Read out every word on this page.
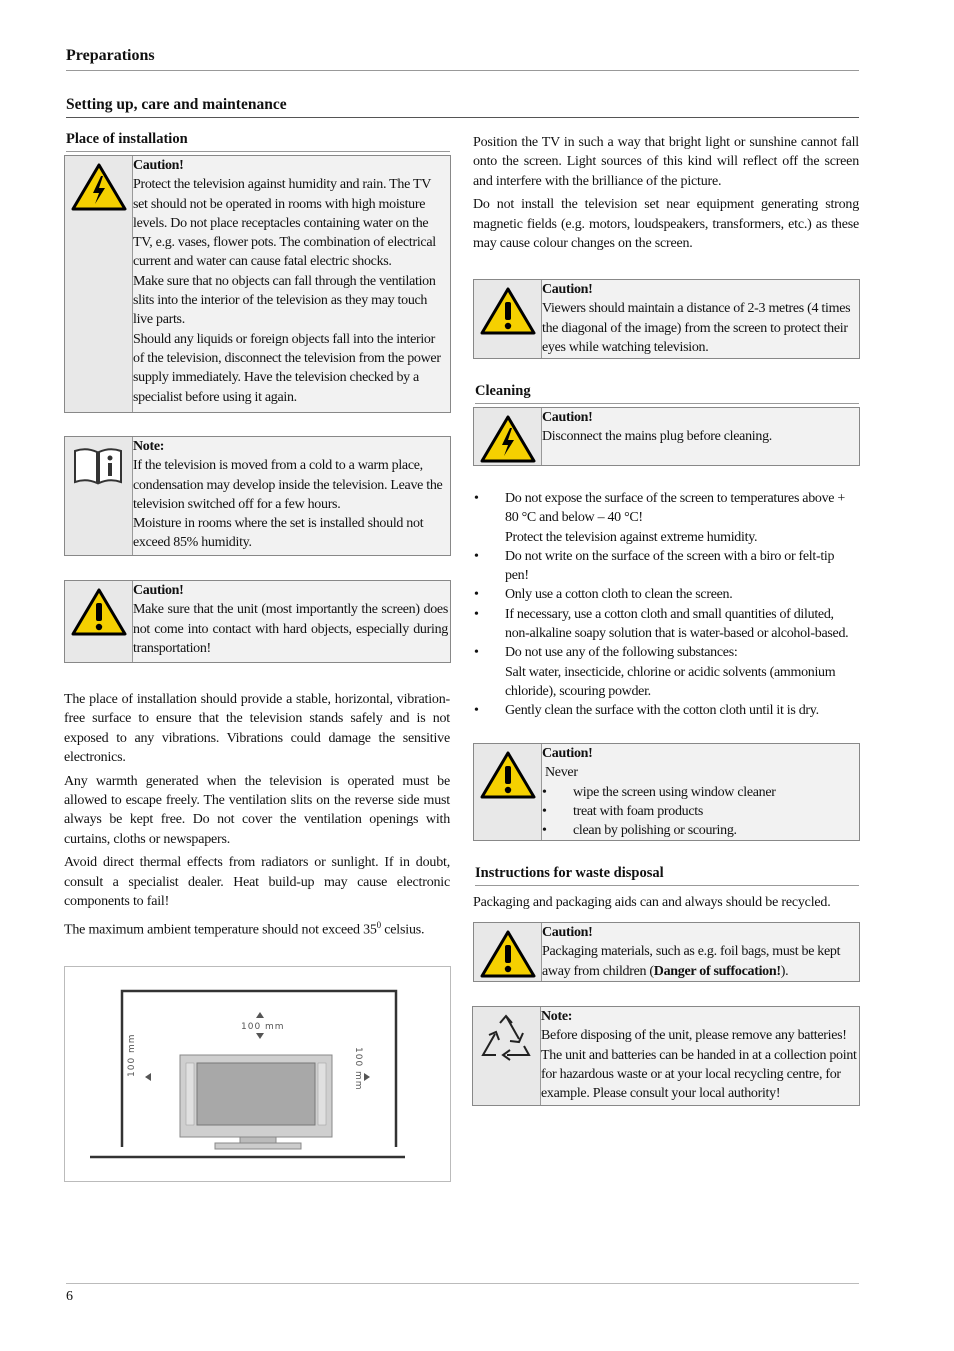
Preparations
Setting up, care and maintenance
Place of installation
Caution!
Protect the television against humidity and rain. The TV set should not be operated in rooms with high moisture levels. Do not place receptacles containing water on the TV, e.g. vases, flower pots. The combination of electrical current and water can cause fatal electric shocks.
Make sure that no objects can fall through the ventilation slits into the interior of the television as they may touch live parts.
Should any liquids or foreign objects fall into the interior of the television, disconnect the television from the power supply immediately. Have the television checked by a specialist before using it again.
Note:
If the television is moved from a cold to a warm place, condensation may develop inside the television. Leave the television switched off for a few hours.
Moisture in rooms where the set is installed should not exceed 85% humidity.
Caution!
Make sure that the unit (most importantly the screen) does not come into contact with hard objects, especially during transportation!

The place of installation should provide a stable, horizontal, vibration-free surface to ensure that the television stands safely and is not exposed to any vibrations. Vibrations could damage the sensitive electronics.

Any warmth generated when the television is operated must be allowed to escape freely. The ventilation slits on the reverse side must always be kept free. Do not cover the ventilation openings with curtains, cloths or newspapers.

Avoid direct thermal effects from radiators or sunlight. If in doubt, consult a specialist dealer. Heat build-up may cause electronic components to fail!

The maximum ambient temperature should not exceed $35^0$ celsius.

100 mm
100 mm	100 mm

Position the TV in such a way that bright light or sunshine cannot fall onto the screen. Light sources of this kind will reflect off the screen and interfere with the brilliance of the picture.

Do not install the television set near equipment generating strong magnetic fields (e.g. motors, loudspeakers, transformers, etc.) as these may cause colour changes on the screen.

Caution!
Viewers should maintain a distance of 2-3 metres (4 times the diagonal of the image) from the screen to protect their eyes while watching television.
Cleaning
Caution!
Disconnect the mains plug before cleaning.
• Do not expose the surface of the screen to temperatures above + 80 °C and below – 40 °C!
Protect the television against extreme humidity.
• Do not write on the surface of the screen with a biro or felt-tip pen!
• Only use a cotton cloth to clean the screen.
• If necessary, use a cotton cloth and small quantities of diluted, non-alkaline soapy solution that is water-based or alcohol-based.
• Do not use any of the following substances:
Salt water, insecticide, chlorine or acidic solvents (ammonium chloride), scouring powder.
• Gently clean the surface with the cotton cloth until it is dry.
Caution!
Never
• wipe the screen using window cleaner
• treat with foam products
• clean by polishing or scouring.
Instructions for waste disposal
Packaging and packaging aids can and always should be recycled.
Caution!
Packaging materials, such as e.g. foil bags, must be kept away from children (Danger of suffocation!).
Note:
Before disposing of the unit, please remove any batteries! The unit and batteries can be handed in at a collection point for hazardous waste or at your local recycling centre, for example. Please consult your local authority!
6
